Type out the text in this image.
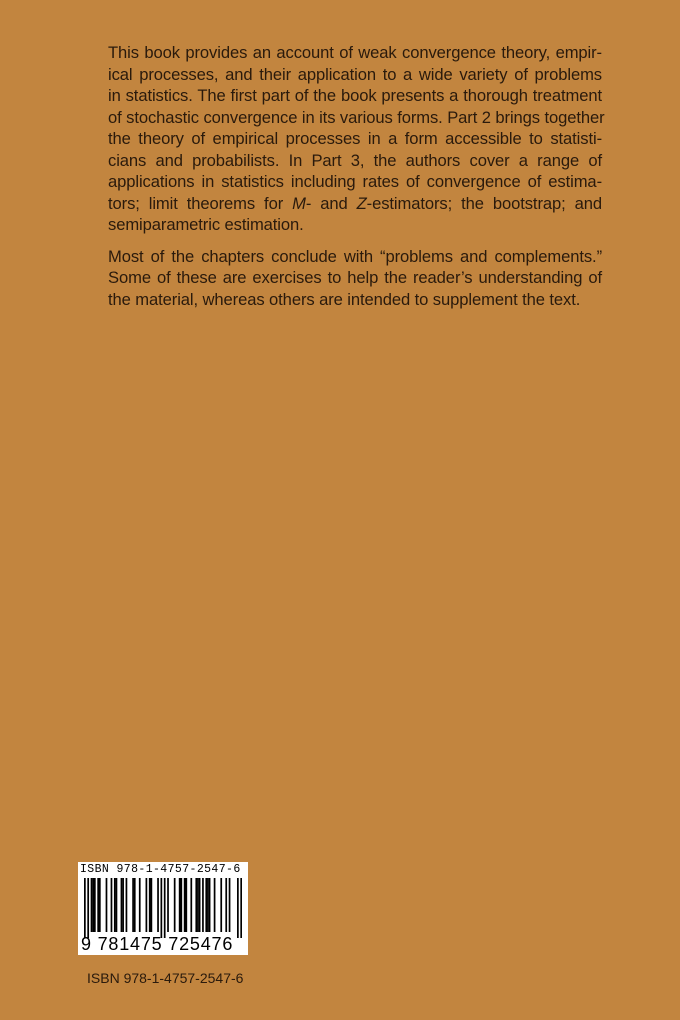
This book provides an account of weak convergence theory, empir-
ical processes, and their application to a wide variety of problems
in statistics. The first part of the book presents a thorough treatment
of stochastic convergence in its various forms. Part 2 brings together
the theory of empirical processes in a form accessible to statisti-
cians and probabilists. In Part 3, the authors cover a range of
applications in statistics including rates of convergence of estima-
tors; limit theorems for M- and Z-estimators; the bootstrap; and
semiparametric estimation.

Most of the chapters conclude with “problems and complements.”
Some of these are exercises to help the reader’s understanding of
the material, whereas others are intended to supplement the text.

ISBN 978-1-4757-2547-6
9 781475 725476
ISBN 978-1-4757-2547-6
